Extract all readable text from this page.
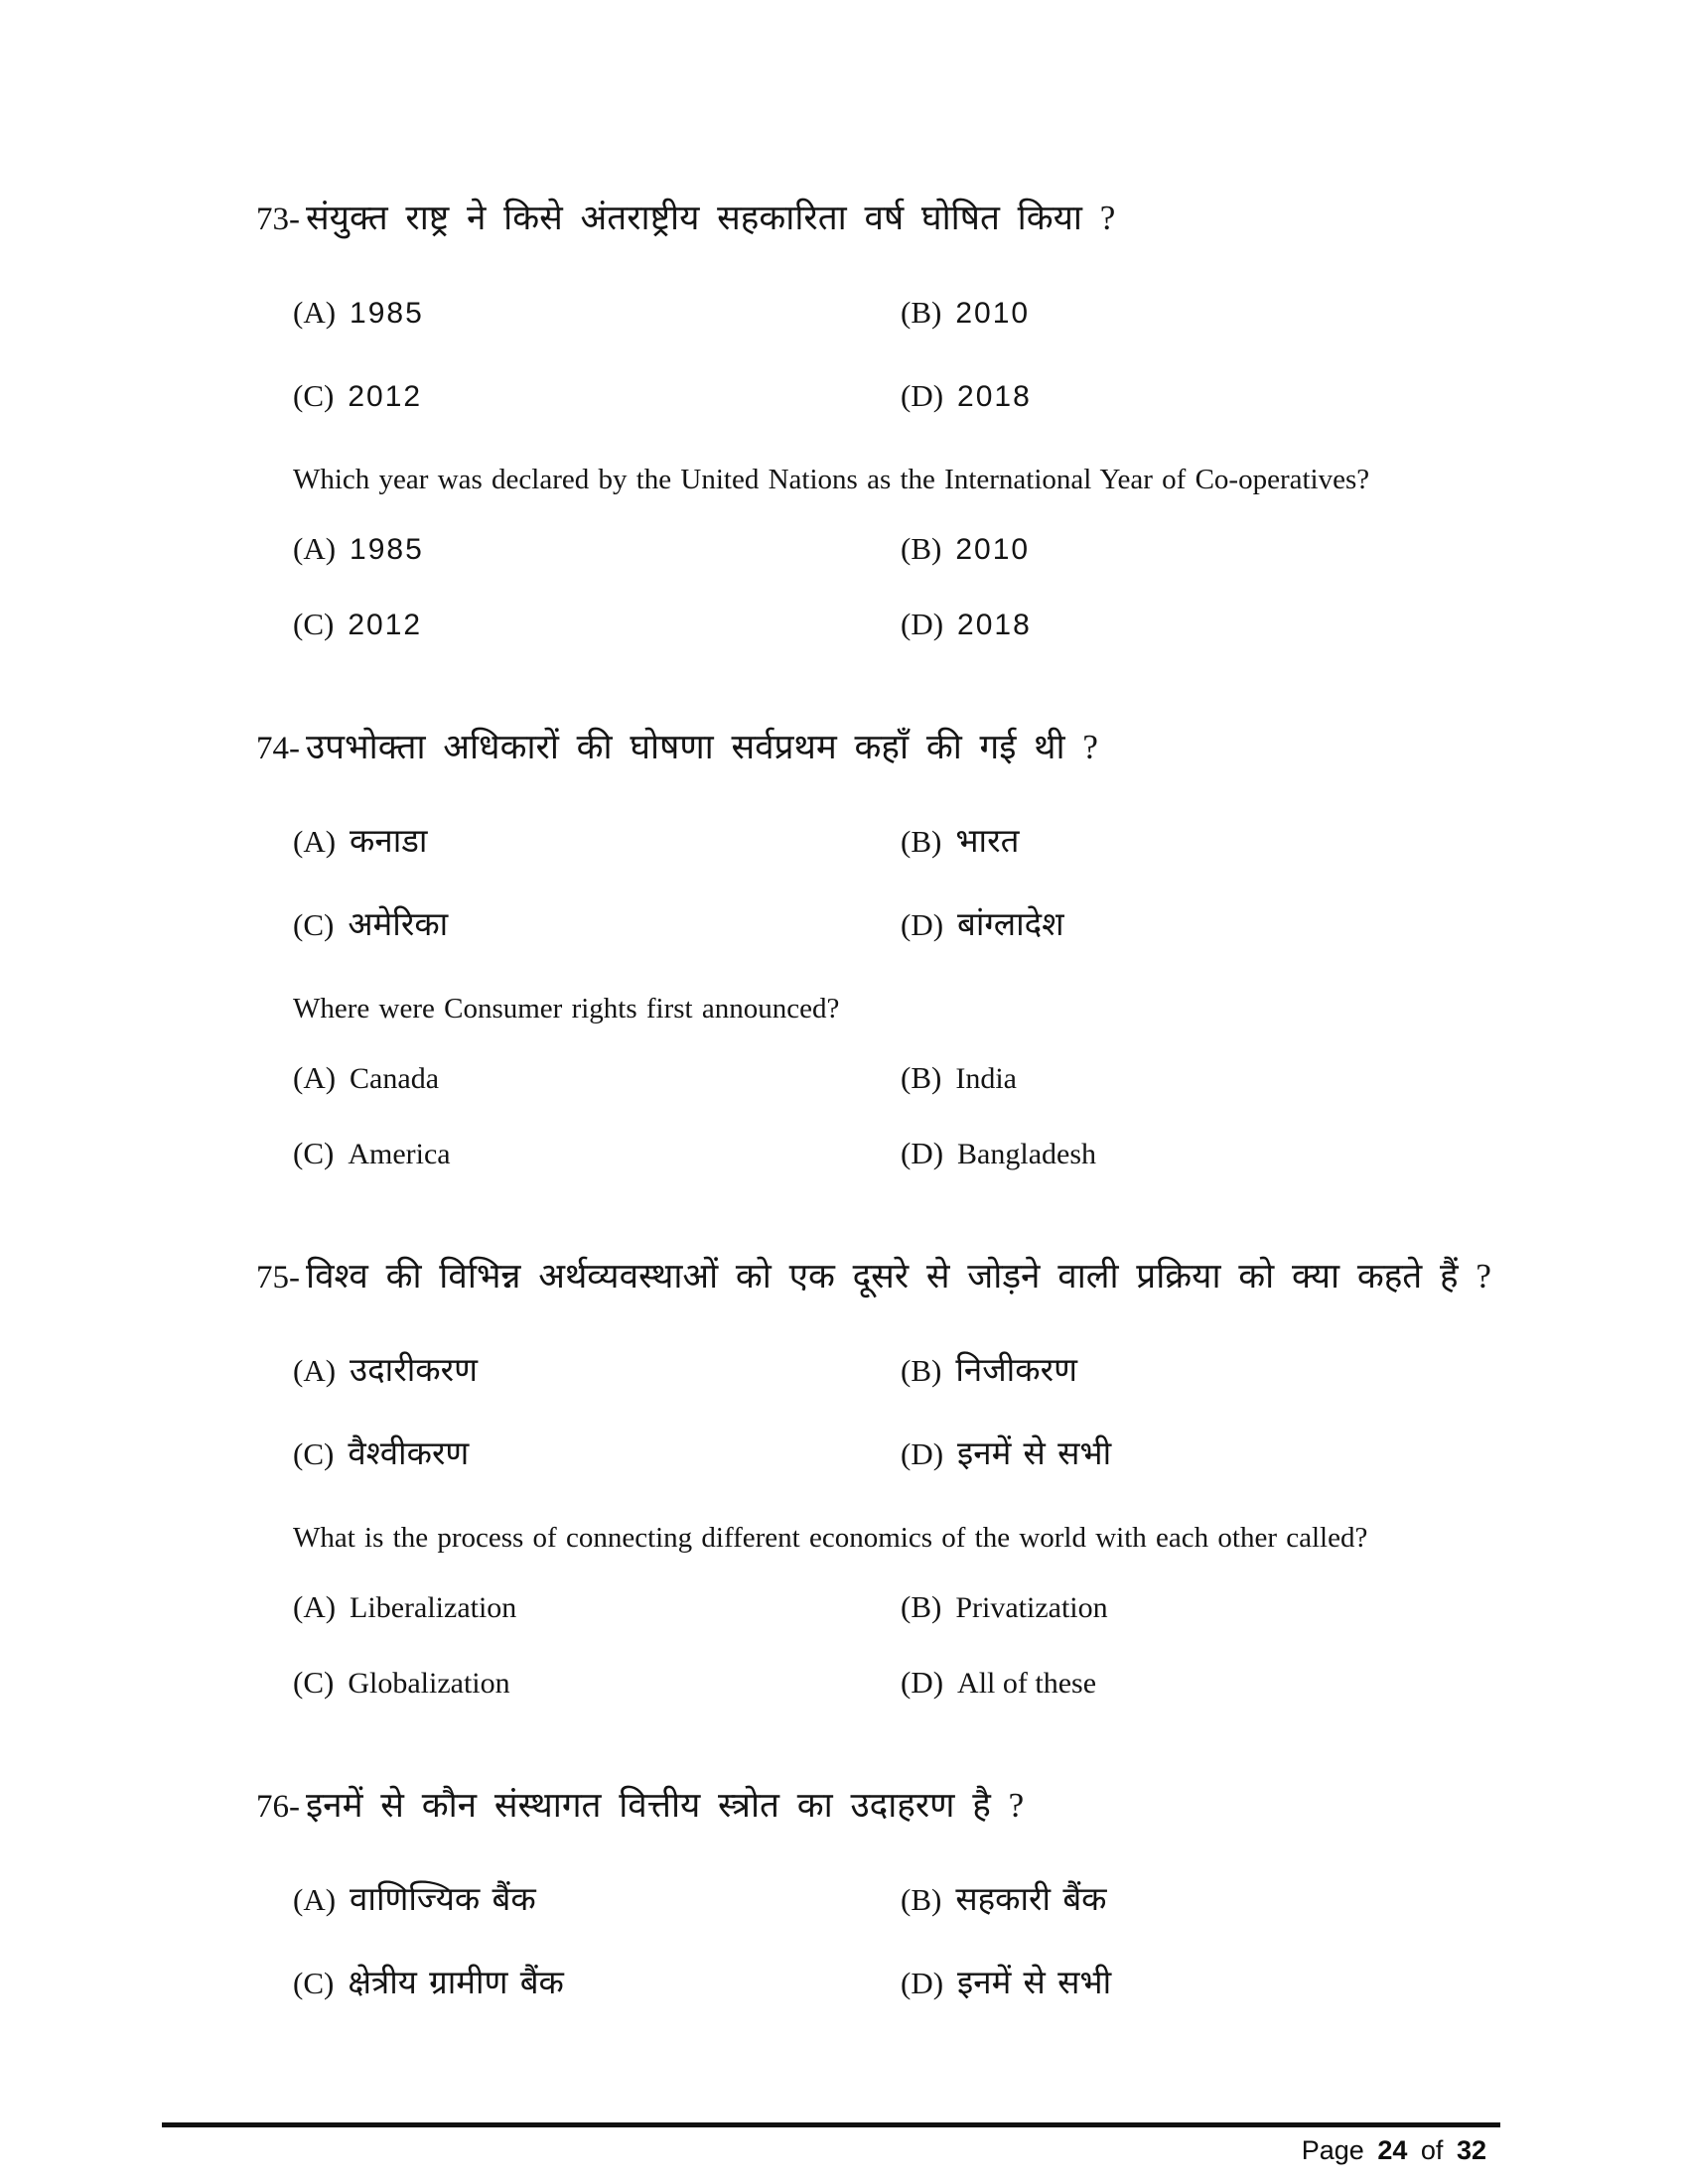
73- संयुक्त राष्ट्र ने किसे अंतराष्ट्रीय सहकारिता वर्ष घोषित किया ?
(A) 1985	(B) 2010
(C) 2012	(D) 2018
Which year was declared by the United Nations as the International Year of Co-operatives?
(A) 1985	(B) 2010
(C) 2012	(D) 2018
74- उपभोक्ता अधिकारों की घोषणा सर्वप्रथम कहाँ की गई थी ?
(A) कनाडा	(B) भारत
(C) अमेरिका	(D) बांग्लादेश
Where were Consumer rights first announced?
(A) Canada	(B) India
(C) America	(D) Bangladesh
75- विश्व की विभिन्न अर्थव्यवस्थाओं को एक दूसरे से जोड़ने वाली प्रक्रिया को क्या कहते हैं ?
(A) उदारीकरण	(B) निजीकरण
(C) वैश्वीकरण	(D) इनमें से सभी
What is the process of connecting different economics of the world with each other called?
(A) Liberalization	(B) Privatization
(C) Globalization	(D) All of these
76- इनमें से कौन संस्थागत वित्तीय स्त्रोत का उदाहरण है ?
(A) वाणिज्यिक बैंक	(B) सहकारी बैंक
(C) क्षेत्रीय ग्रामीण बैंक	(D) इनमें से सभी
Page 24 of 32
